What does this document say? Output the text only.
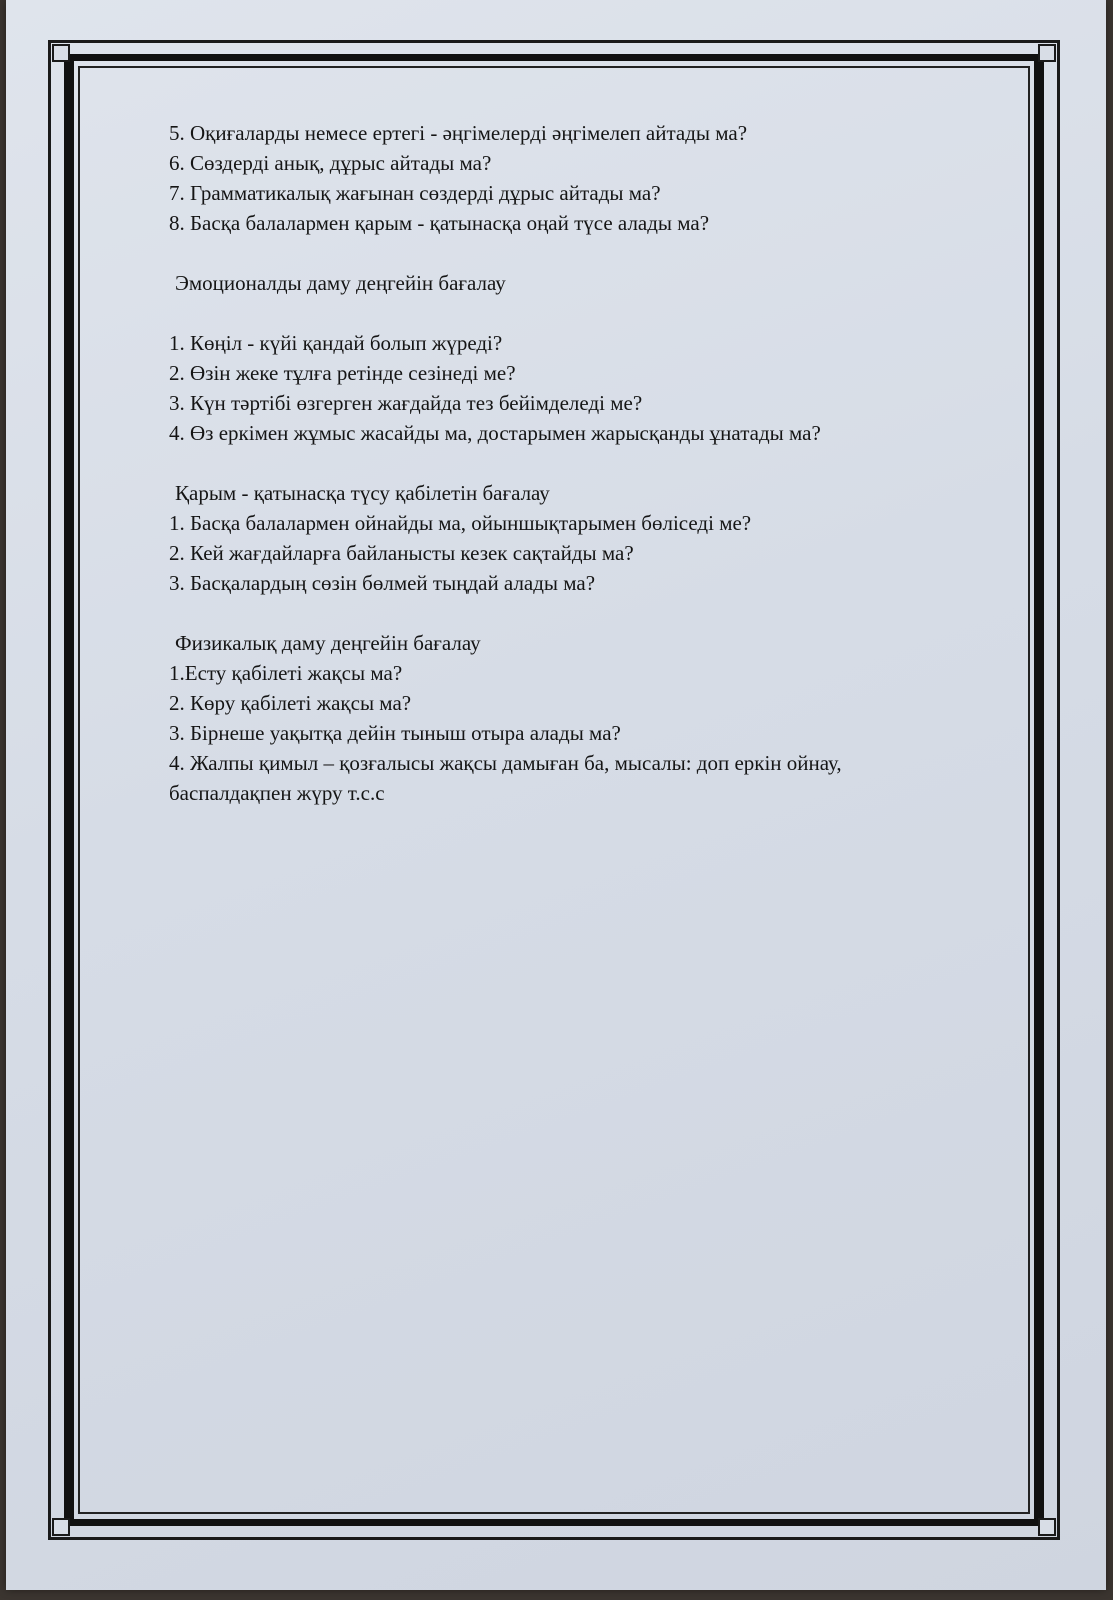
5. Оқиғаларды немесе ертегі - әңгімелерді әңгімелеп айтады ма?
6. Сөздерді анық, дұрыс айтады ма?
7. Грамматикалық жағынан сөздерді дұрыс айтады ма?
8. Басқа балалармен қарым - қатынасқа оңай түсе алады ма?
Эмоционалды даму деңгейін бағалау
1. Көңіл - күйі қандай болып жүреді?
2. Өзін жеке тұлға ретінде сезінеді ме?
3. Күн тәртібі өзгерген жағдайда тез бейімделеді ме?
4. Өз еркімен жұмыс жасайды ма, достарымен жарысқанды ұнатады ма?
Қарым - қатынасқа түсу қабілетін бағалау
1. Басқа балалармен ойнайды ма, ойыншықтарымен бөліседі ме?
2. Кей жағдайларға байланысты кезек сақтайды ма?
3. Басқалардың сөзін бөлмей тыңдай алады ма?
Физикалық даму деңгейін бағалау
1.Есту қабілеті жақсы ма?
2. Көру қабілеті жақсы ма?
3. Бірнеше уақытқа дейін тыныш отыра алады ма?
4. Жалпы қимыл – қозғалысы жақсы дамыған ба, мысалы: доп еркін ойнау,
баспалдақпен жүру т.с.с
